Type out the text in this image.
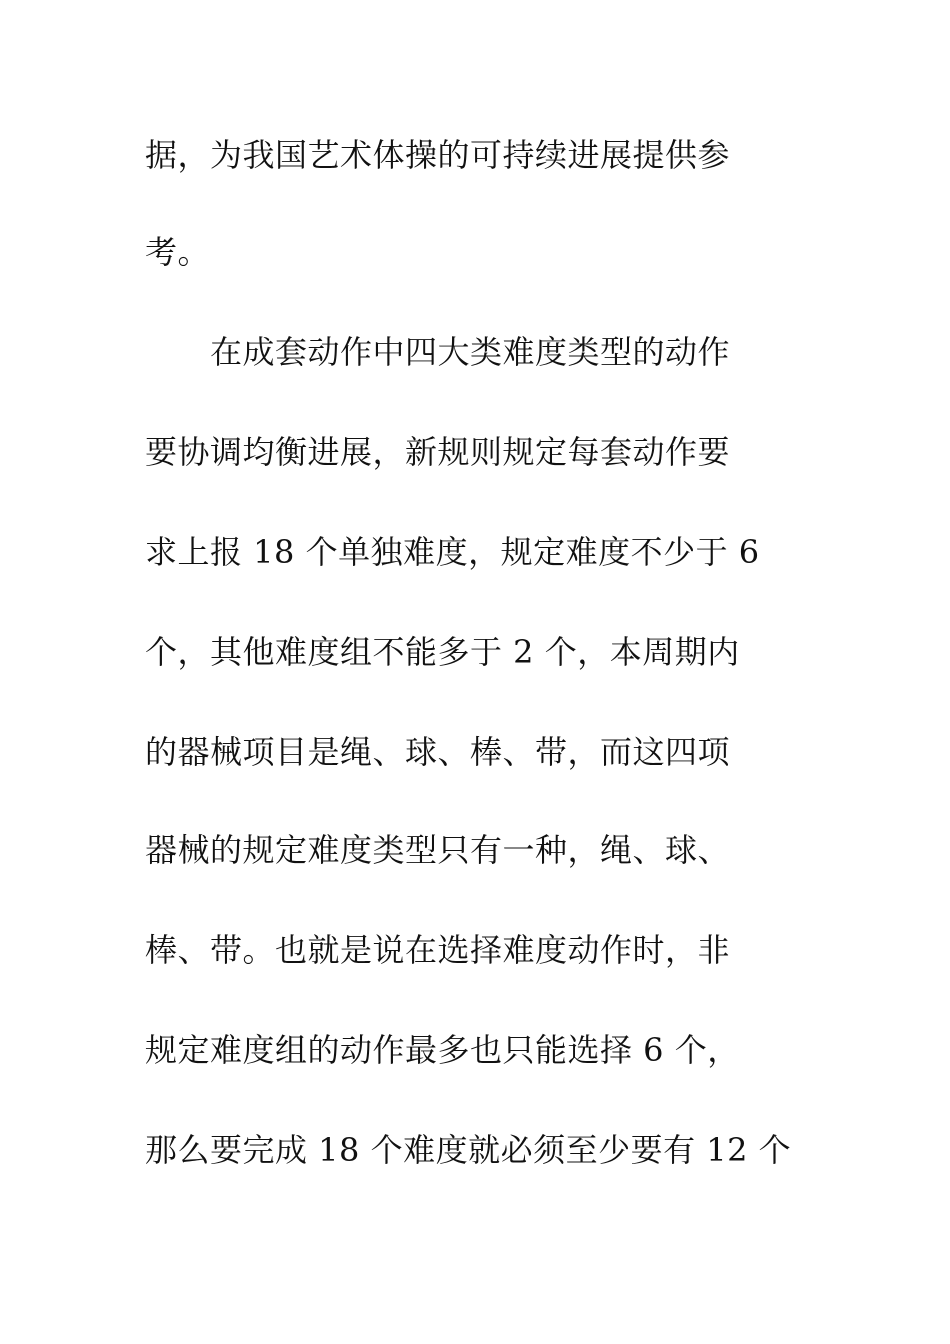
据，为我国艺术体操的可持续进展提供参
考。
在成套动作中四大类难度类型的动作
要协调均衡进展，新规则规定每套动作要
求上报 18 个单独难度，规定难度不少于 6
个，其他难度组不能多于 2 个，本周期内
的器械项目是绳、球、棒、带，而这四项
器械的规定难度类型只有一种，绳、球、
棒、带。也就是说在选择难度动作时，非
规定难度组的动作最多也只能选择 6 个，
那么要完成 18 个难度就必须至少要有 12 个
